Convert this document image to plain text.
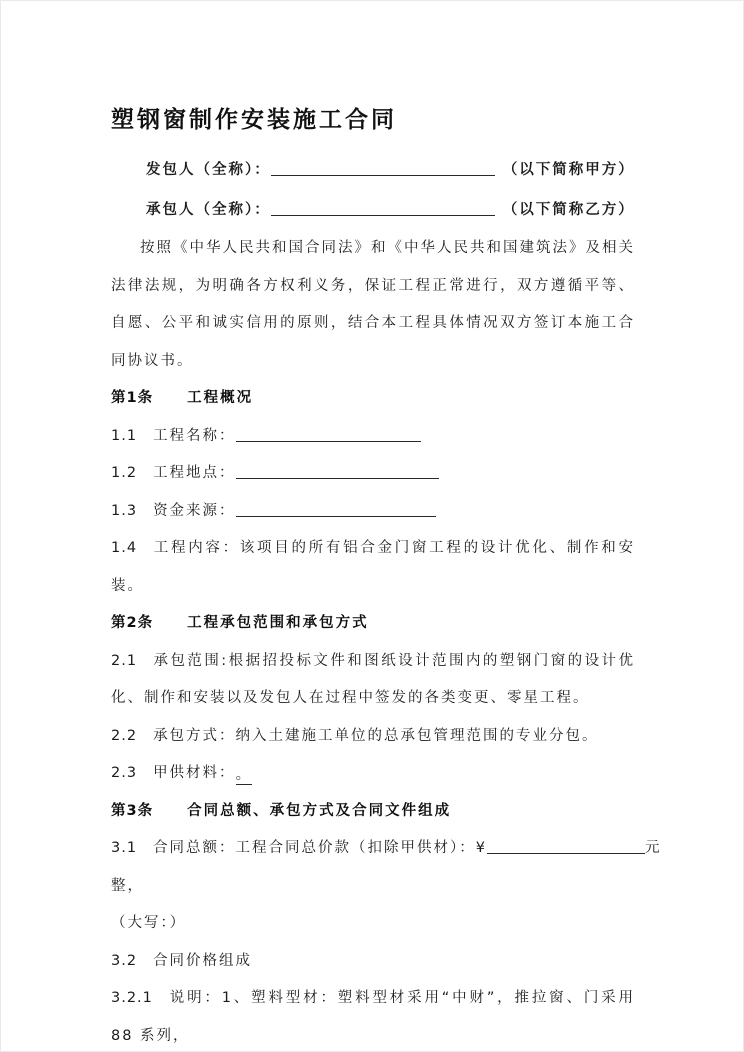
塑钢窗制作安装施工合同
发包人（全称）：	（以下简称甲方）
承包人（全称）：	（以下简称乙方）

按照《中华人民共和国合同法》和《中华人民共和国建筑法》及相关法律法规，为明确各方权利义务，保证工程正常进行，双方遵循平等、自愿、公平和诚实信用的原则，结合本工程具体情况双方签订本施工合同协议书。

第1条 工程概况
1.1 工程名称：
1.2 工程地点：
1.3 资金来源：
1.4 工程内容：该项目的所有铝合金门窗工程的设计优化、制作和安装。
第2条 工程承包范围和承包方式
2.1 承包范围:根据招投标文件和图纸设计范围内的塑钢门窗的设计优化、制作和安装以及发包人在过程中签发的各类变更、零星工程。
2.2 承包方式：纳入土建施工单位的总承包管理范围的专业分包。
2.3 甲供材料：。
第3条 合同总额、承包方式及合同文件组成
3.1 合同总额：工程合同总价款（扣除甲供材）：¥	元
整，
（大写：）
3.2 合同价格组成
3.2.1 说明：1、塑料型材：塑料型材采用“中财”，推拉窗、门采用 88 系列，
